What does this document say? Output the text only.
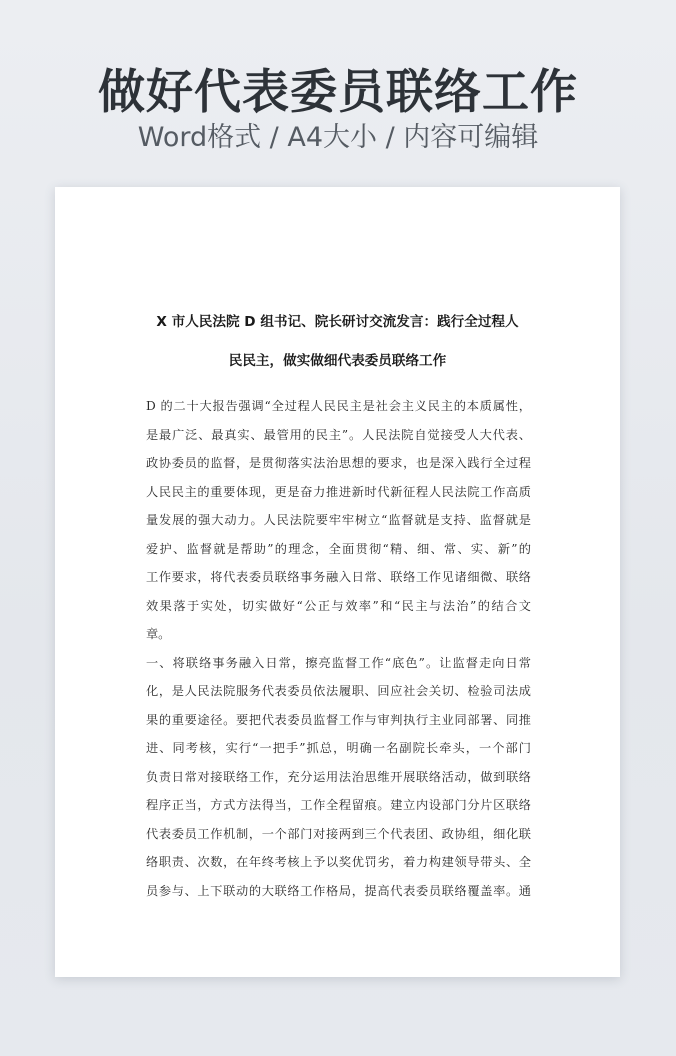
做好代表委员联络工作
Word格式 / A4大小 / 内容可编辑
X 市人民法院 D 组书记、院长研讨交流发言：践行全过程人
民民主，做实做细代表委员联络工作
D 的二十大报告强调“全过程人民民主是社会主义民主的本质属性，
是最广泛、最真实、最管用的民主”。人民法院自觉接受人大代表、
政协委员的监督，是贯彻落实法治思想的要求，也是深入践行全过程
人民民主的重要体现，更是奋力推进新时代新征程人民法院工作高质
量发展的强大动力。人民法院要牢牢树立“监督就是支持、监督就是
爱护、监督就是帮助”的理念，全面贯彻“精、细、常、实、新”的
工作要求，将代表委员联络事务融入日常、联络工作见诸细微、联络
效果落于实处，切实做好“公正与效率”和“民主与法治”的结合文
章。
一、将联络事务融入日常，擦亮监督工作“底色”。让监督走向日常
化，是人民法院服务代表委员依法履职、回应社会关切、检验司法成
果的重要途径。要把代表委员监督工作与审判执行主业同部署、同推
进、同考核，实行“一把手”抓总，明确一名副院长牵头，一个部门
负责日常对接联络工作，充分运用法治思维开展联络活动，做到联络
程序正当，方式方法得当，工作全程留痕。建立内设部门分片区联络
代表委员工作机制，一个部门对接两到三个代表团、政协组，细化联
络职责、次数，在年终考核上予以奖优罚劣，着力构建领导带头、全
员参与、上下联动的大联络工作格局，提高代表委员联络覆盖率。通
